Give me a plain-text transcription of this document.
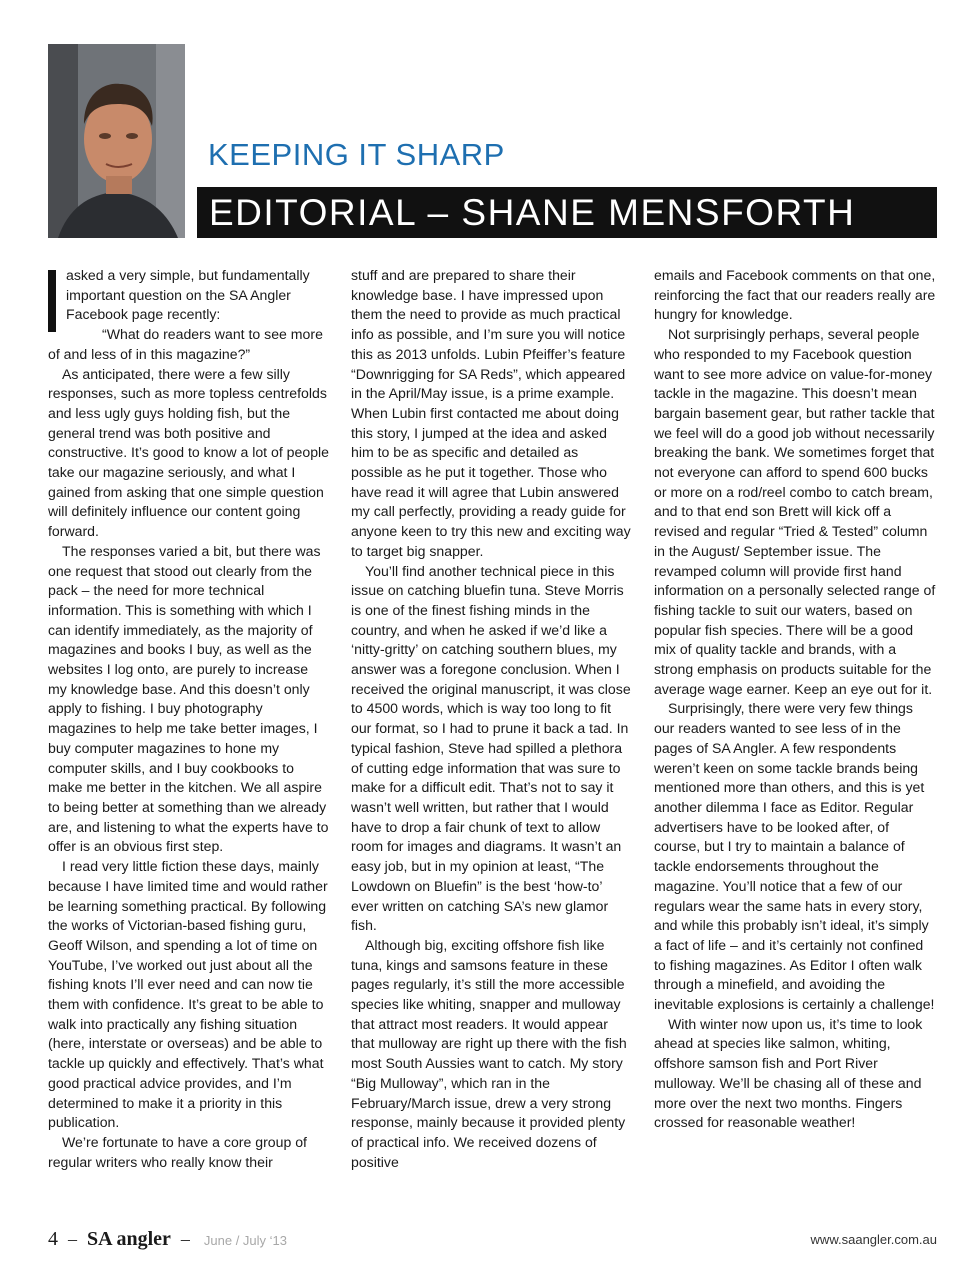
KEEPING IT SHARP
EDITORIAL – SHANE MENSFORTH

asked a very simple, but fundamentally important question on the SA Angler Facebook page recently:

“What do readers want to see more of and less of in this magazine?”

As anticipated, there were a few silly responses, such as more topless centrefolds and less ugly guys holding fish, but the general trend was both positive and constructive. It’s good to know a lot of people take our magazine seriously, and what I gained from asking that one simple question will definitely influence our content going forward.

The responses varied a bit, but there was one request that stood out clearly from the pack – the need for more technical information. This is something with which I can identify immediately, as the majority of magazines and books I buy, as well as the websites I log onto, are purely to increase my knowledge base. And this doesn’t only apply to fishing. I buy photography magazines to help me take better images, I buy computer magazines to hone my computer skills, and I buy cookbooks to make me better in the kitchen. We all aspire to being better at something than we already are, and listening to what the experts have to offer is an obvious first step.

I read very little fiction these days, mainly because I have limited time and would rather be learning something practical. By following the works of Victorian-based fishing guru, Geoff Wilson, and spending a lot of time on YouTube, I’ve worked out just about all the fishing knots I’ll ever need and can now tie them with confidence. It’s great to be able to walk into practically any fishing situation (here, interstate or overseas) and be able to tackle up quickly and effectively. That’s what good practical advice provides, and I’m determined to make it a priority in this publication.

We’re fortunate to have a core group of regular writers who really know their

stuff and are prepared to share their knowledge base. I have impressed upon them the need to provide as much practical info as possible, and I’m sure you will notice this as 2013 unfolds. Lubin Pfeiffer’s feature “Downrigging for SA Reds”, which appeared in the April/May issue, is a prime example. When Lubin first contacted me about doing this story, I jumped at the idea and asked him to be as specific and detailed as possible as he put it together. Those who have read it will agree that Lubin answered my call perfectly, providing a ready guide for anyone keen to try this new and exciting way to target big snapper.

You’ll find another technical piece in this issue on catching bluefin tuna. Steve Morris is one of the finest fishing minds in the country, and when he asked if we’d like a ‘nitty-gritty’ on catching southern blues, my answer was a foregone conclusion. When I received the original manuscript, it was close to 4500 words, which is way too long to fit our format, so I had to prune it back a tad. In typical fashion, Steve had spilled a plethora of cutting edge information that was sure to make for a difficult edit. That’s not to say it wasn’t well written, but rather that I would have to drop a fair chunk of text to allow room for images and diagrams. It wasn’t an easy job, but in my opinion at least, “The Lowdown on Bluefin” is the best ‘how-to’ ever written on catching SA’s new glamor fish.

Although big, exciting offshore fish like tuna, kings and samsons feature in these pages regularly, it’s still the more accessible species like whiting, snapper and mulloway that attract most readers. It would appear that mulloway are right up there with the fish most South Aussies want to catch. My story “Big Mulloway”, which ran in the February/March issue, drew a very strong response, mainly because it provided plenty of practical info. We received dozens of positive

emails and Facebook comments on that one, reinforcing the fact that our readers really are hungry for knowledge.

Not surprisingly perhaps, several people who responded to my Facebook question want to see more advice on value-for-money tackle in the magazine. This doesn’t mean bargain basement gear, but rather tackle that we feel will do a good job without necessarily breaking the bank. We sometimes forget that not everyone can afford to spend 600 bucks or more on a rod/reel combo to catch bream, and to that end son Brett will kick off a revised and regular “Tried & Tested” column in the August/ September issue. The revamped column will provide first hand information on a personally selected range of fishing tackle to suit our waters, based on popular fish species. There will be a good mix of quality tackle and brands, with a strong emphasis on products suitable for the average wage earner. Keep an eye out for it.

Surprisingly, there were very few things our readers wanted to see less of in the pages of SA Angler. A few respondents weren’t keen on some tackle brands being mentioned more than others, and this is yet another dilemma I face as Editor. Regular advertisers have to be looked after, of course, but I try to maintain a balance of tackle endorsements throughout the magazine. You’ll notice that a few of our regulars wear the same hats in every story, and while this probably isn’t ideal, it’s simply a fact of life – and it’s certainly not confined to fishing magazines. As Editor I often walk through a minefield, and avoiding the inevitable explosions is certainly a challenge!

With winter now upon us, it’s time to look ahead at species like salmon, whiting, offshore samson fish and Port River mulloway. We’ll be chasing all of these and more over the next two months. Fingers crossed for reasonable weather!

4 – SA angler – June / July ‘13	www.saangler.com.au
